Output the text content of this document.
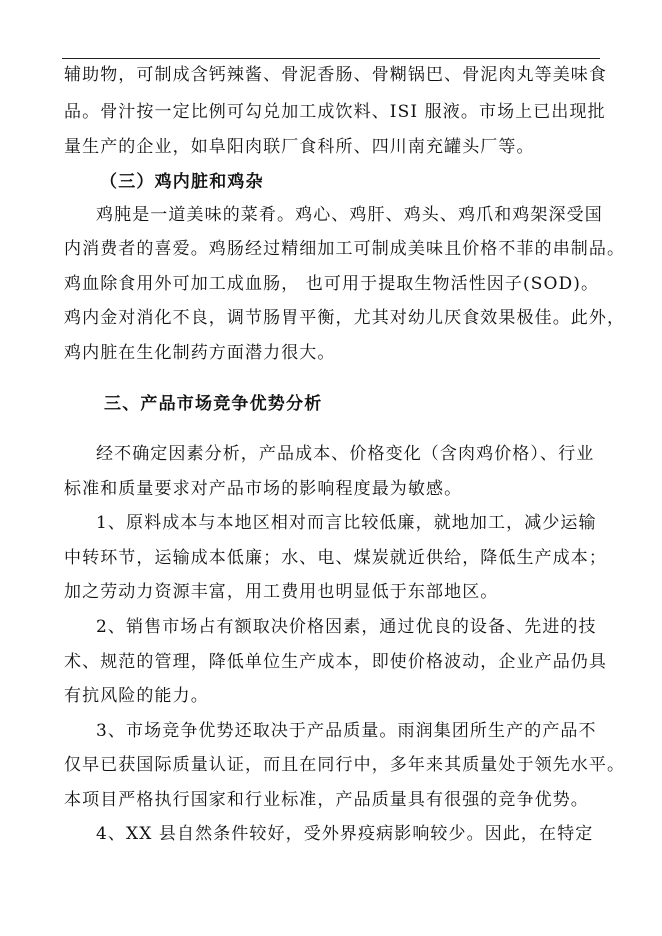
辅助物，可制成含钙辣酱、骨泥香肠、骨糊锅巴、骨泥肉丸等美味食
品。骨汁按一定比例可勾兑加工成饮料、ISI 服液。市场上已出现批
量生产的企业，如阜阳肉联厂食科所、四川南充罐头厂等。
（三）鸡内脏和鸡杂
鸡肫是一道美味的菜肴。鸡心、鸡肝、鸡头、鸡爪和鸡架深受国
内消费者的喜爱。鸡肠经过精细加工可制成美味且价格不菲的串制品。
鸡血除食用外可加工成血肠， 也可用于提取生物活性因子(SOD)。
鸡内金对消化不良，调节肠胃平衡，尤其对幼儿厌食效果极佳。此外，
鸡内脏在生化制药方面潜力很大。
三、产品市场竞争优势分析
经不确定因素分析，产品成本、价格变化（含肉鸡价格）、行业
标准和质量要求对产品市场的影响程度最为敏感。
1、原料成本与本地区相对而言比较低廉，就地加工，减少运输
中转环节，运输成本低廉；水、电、煤炭就近供给，降低生产成本；
加之劳动力资源丰富，用工费用也明显低于东部地区。
2、销售市场占有额取决价格因素，通过优良的设备、先进的技
术、规范的管理，降低单位生产成本，即使价格波动，企业产品仍具
有抗风险的能力。
3、市场竞争优势还取决于产品质量。雨润集团所生产的产品不
仅早已获国际质量认证，而且在同行中，多年来其质量处于领先水平。
本项目严格执行国家和行业标准，产品质量具有很强的竞争优势。
4、XX 县自然条件较好，受外界疫病影响较少。因此，在特定
